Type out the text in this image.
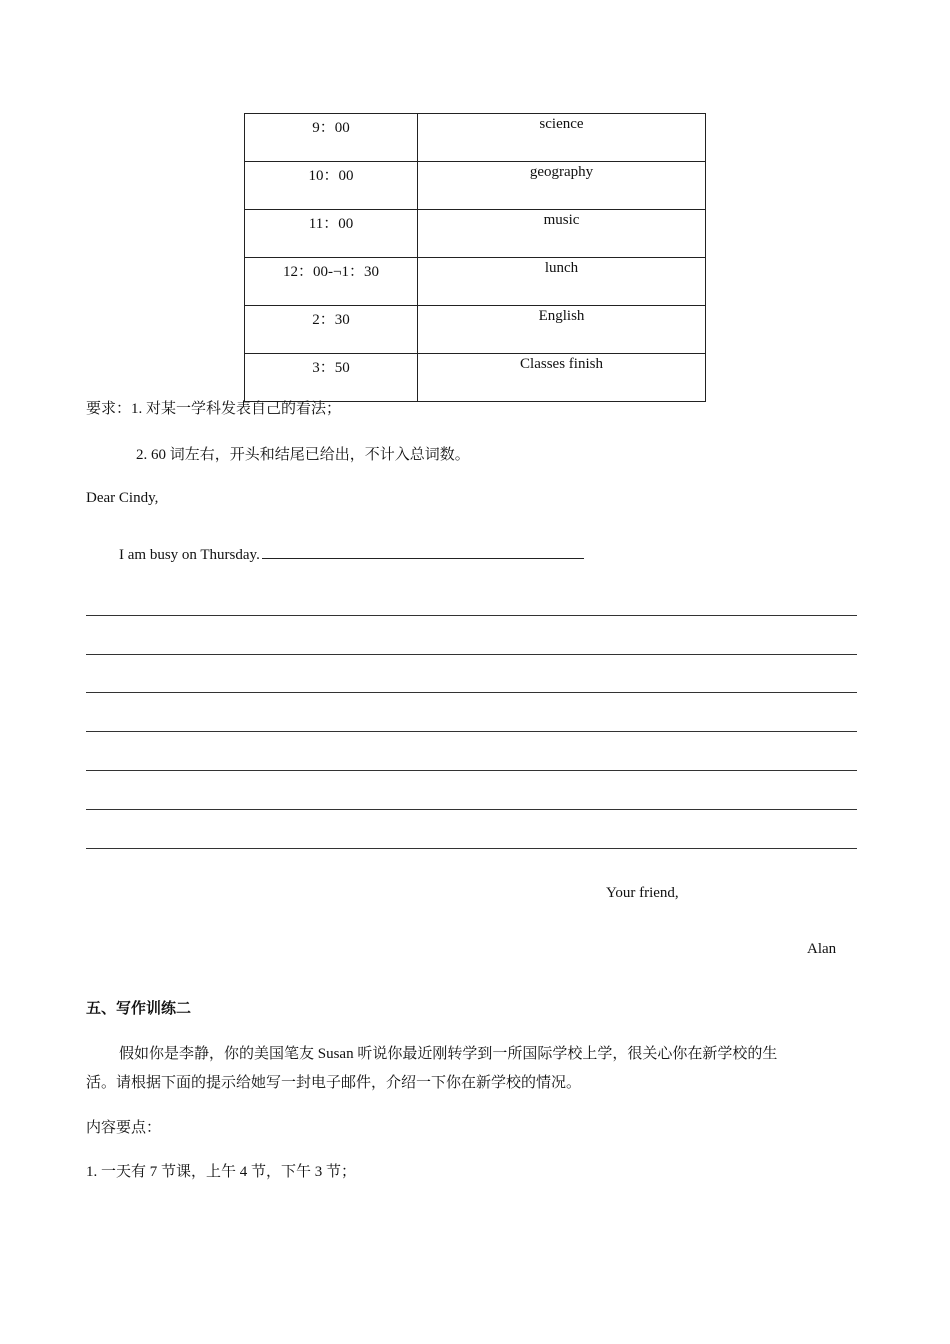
9：00	science
10：00	geography
11：00	music
12：00-¬1：30	lunch
2：30	English
3：50	Classes finish
要求：1. 对某一学科发表自己的看法；
2. 60 词左右，开头和结尾已给出，不计入总词数。
Dear Cindy,
I am busy on Thursday.
Your friend,
Alan
五、写作训练二
假如你是李静，你的美国笔友 Susan 听说你最近刚转学到一所国际学校上学，很关心你在新学校的生
活。请根据下面的提示给她写一封电子邮件，介绍一下你在新学校的情况。
内容要点：
1. 一天有 7 节课，上午 4 节，下午 3 节；
